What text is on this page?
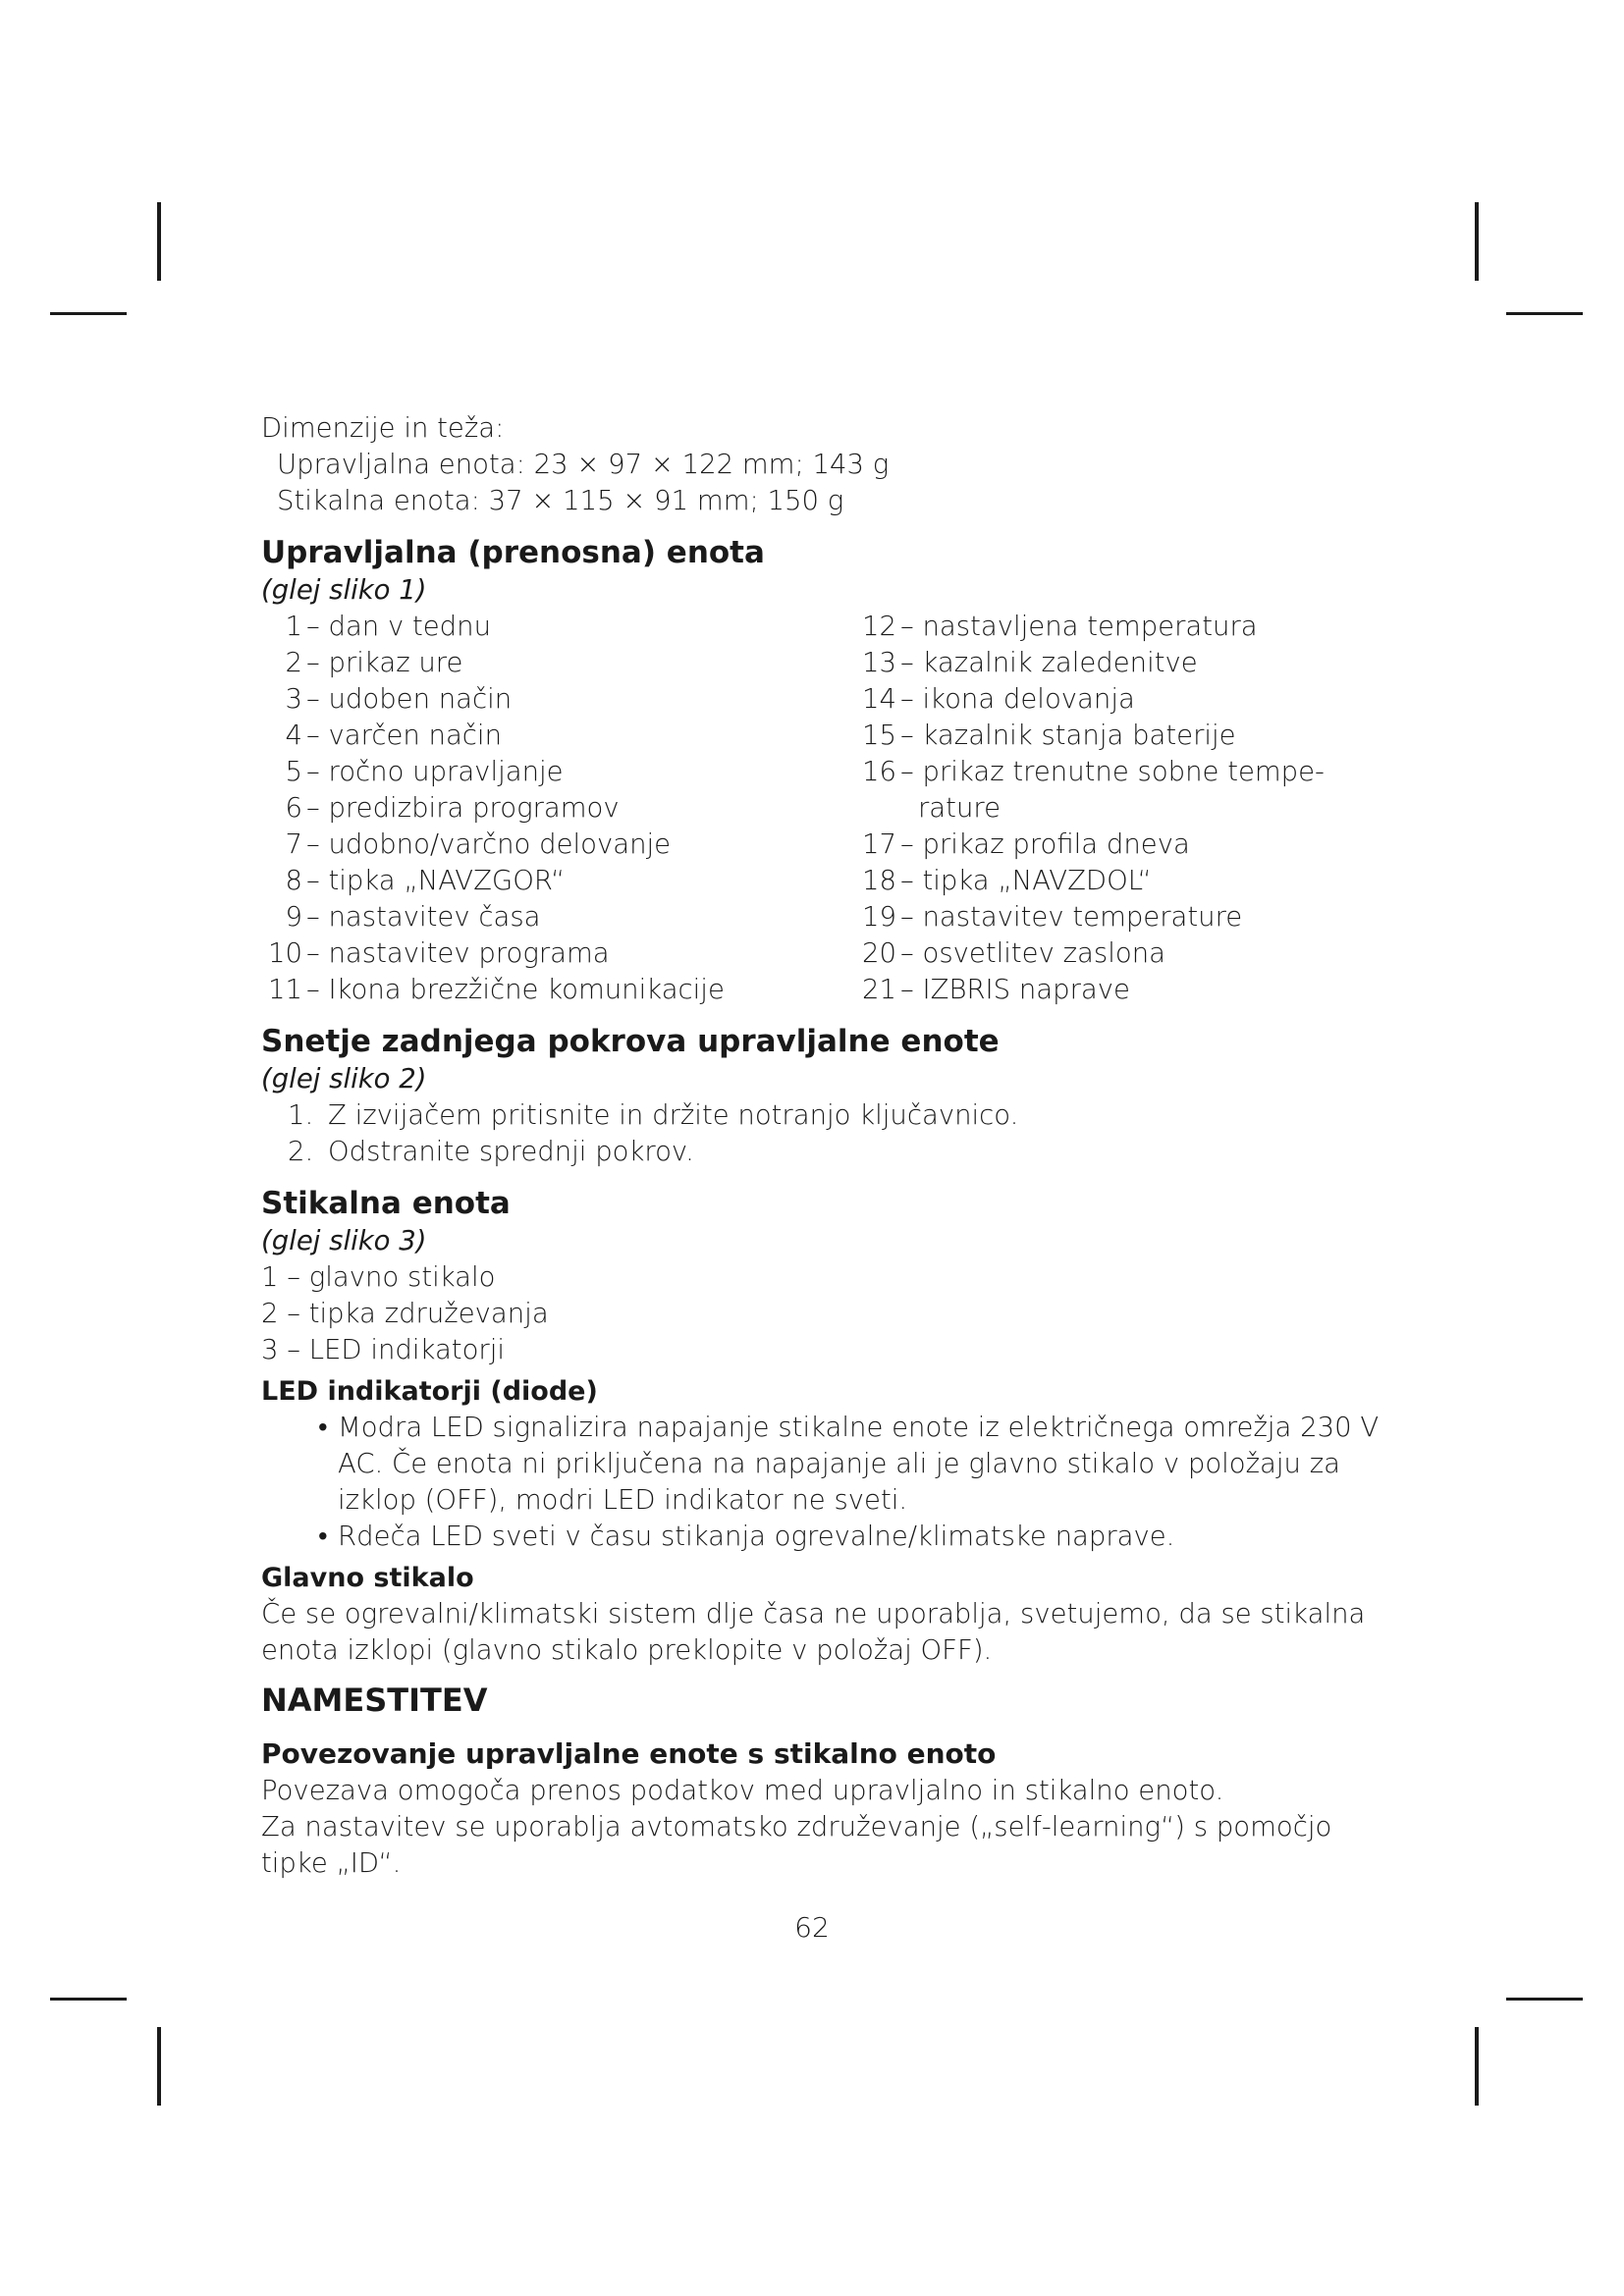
Dimenzije in teža:

Upravljalna enota: 23 × 97 × 122 mm; 143 g

Stikalna enota: 37 × 115 × 91 mm; 150 g

Upravljalna (prenosna) enota

(glej sliko 1)

1 – dan v tednu
2 – prikaz ure
3 – udoben način
4 – varčen način
5 – ročno upravljanje
6 – predizbira programov
7 – udobno/varčno delovanje
8 – tipka „NAVZGOR“
9 – nastavitev časa
10 – nastavitev programa
11 – Ikona brezžične komunikacije
12 – nastavljena temperatura
13 – kazalnik zaledenitve
14 – ikona delovanja
15 – kazalnik stanja baterije
16 – prikaz trenutne sobne tempe-
rature
17 – prikaz profila dneva
18 – tipka „NAVZDOL“
19 – nastavitev temperature
20 – osvetlitev zaslona
21 – IZBRIS naprave
Snetje zadnjega pokrova upravljalne enote

(glej sliko 2)

1. Z izvijačem pritisnite in držite notranjo ključavnico.
2. Odstranite sprednji pokrov.
Stikalna enota

(glej sliko 3)

1 – glavno stikalo

2 – tipka združevanja

3 – LED indikatorji

LED indikatorji (diode)
• Modra LED signalizira napajanje stikalne enote iz električnega omrežja 230 V AC. Če enota ni priključena na napajanje ali je glavno stikalo v položaju za izklop (OFF), modri LED indikator ne sveti.
• Rdeča LED sveti v času stikanja ogrevalne/klimatske naprave.
Glavno stikalo

Če se ogrevalni/klimatski sistem dlje časa ne uporablja, svetujemo, da se stikalna enota izklopi (glavno stikalo preklopite v položaj OFF).

NAMESTITEV
Povezovanje upravljalne enote s stikalno enoto

Povezava omogoča prenos podatkov med upravljalno in stikalno enoto.

Za nastavitev se uporablja avtomatsko združevanje („self-learning“) s pomočjo tipke „ID“.

62
